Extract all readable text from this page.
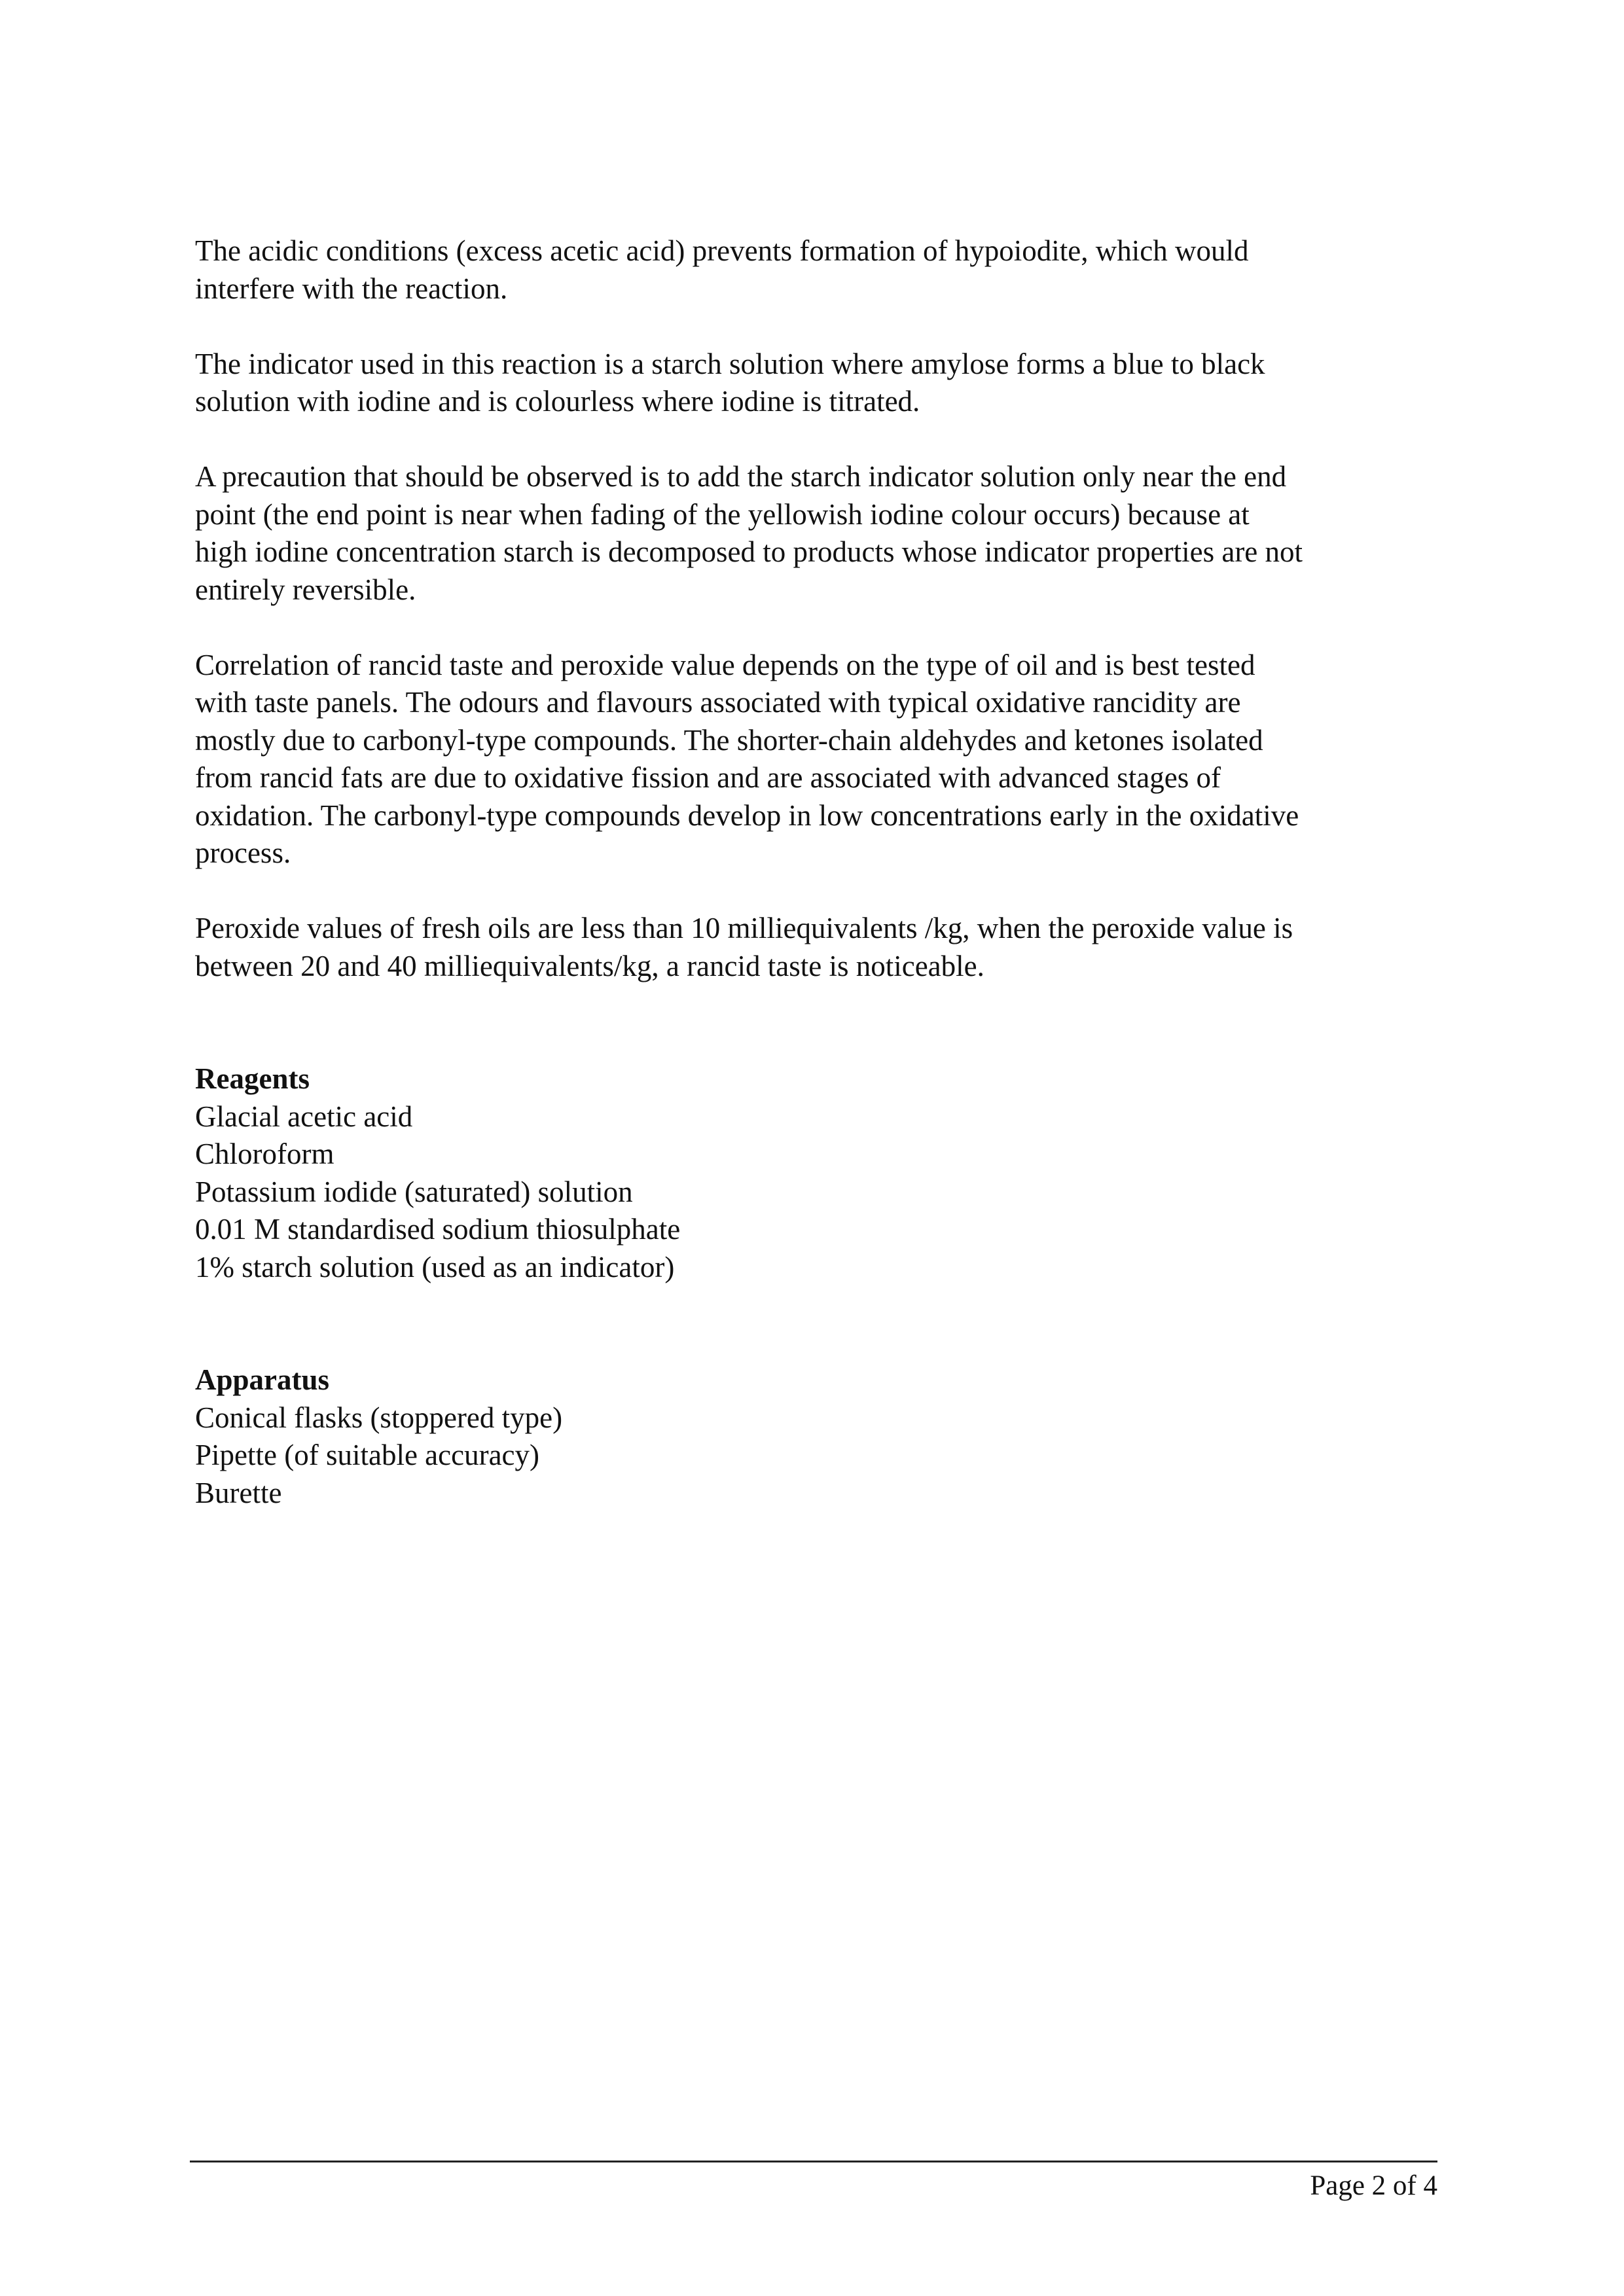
The acidic conditions (excess acetic acid) prevents formation of hypoiodite, which would
interfere with the reaction.

The indicator used in this reaction is a starch solution where amylose forms a blue to black
solution with iodine and is colourless where iodine is titrated.

A precaution that should be observed is to add the starch indicator solution only near the end
point (the end point is near when fading of the yellowish iodine colour occurs) because at
high iodine concentration starch is decomposed to products whose indicator properties are not
entirely reversible.

Correlation of rancid taste and peroxide value depends on the type of oil and is best tested
with taste panels. The odours and flavours associated with typical oxidative rancidity are
mostly due to carbonyl-type compounds. The shorter-chain aldehydes and ketones isolated
from rancid fats are due to oxidative fission and are associated with advanced stages of
oxidation. The carbonyl-type compounds develop in low concentrations early in the oxidative
process.

Peroxide values of fresh oils are less than 10 milliequivalents /kg, when the peroxide value is
between 20 and 40 milliequivalents/kg, a rancid taste is noticeable.

Reagents

Glacial acetic acid
Chloroform
Potassium iodide (saturated) solution
0.01 M standardised sodium thiosulphate
1% starch solution (used as an indicator)

Apparatus

Conical flasks (stoppered type)
Pipette (of suitable accuracy)
Burette
Page 2 of 4
